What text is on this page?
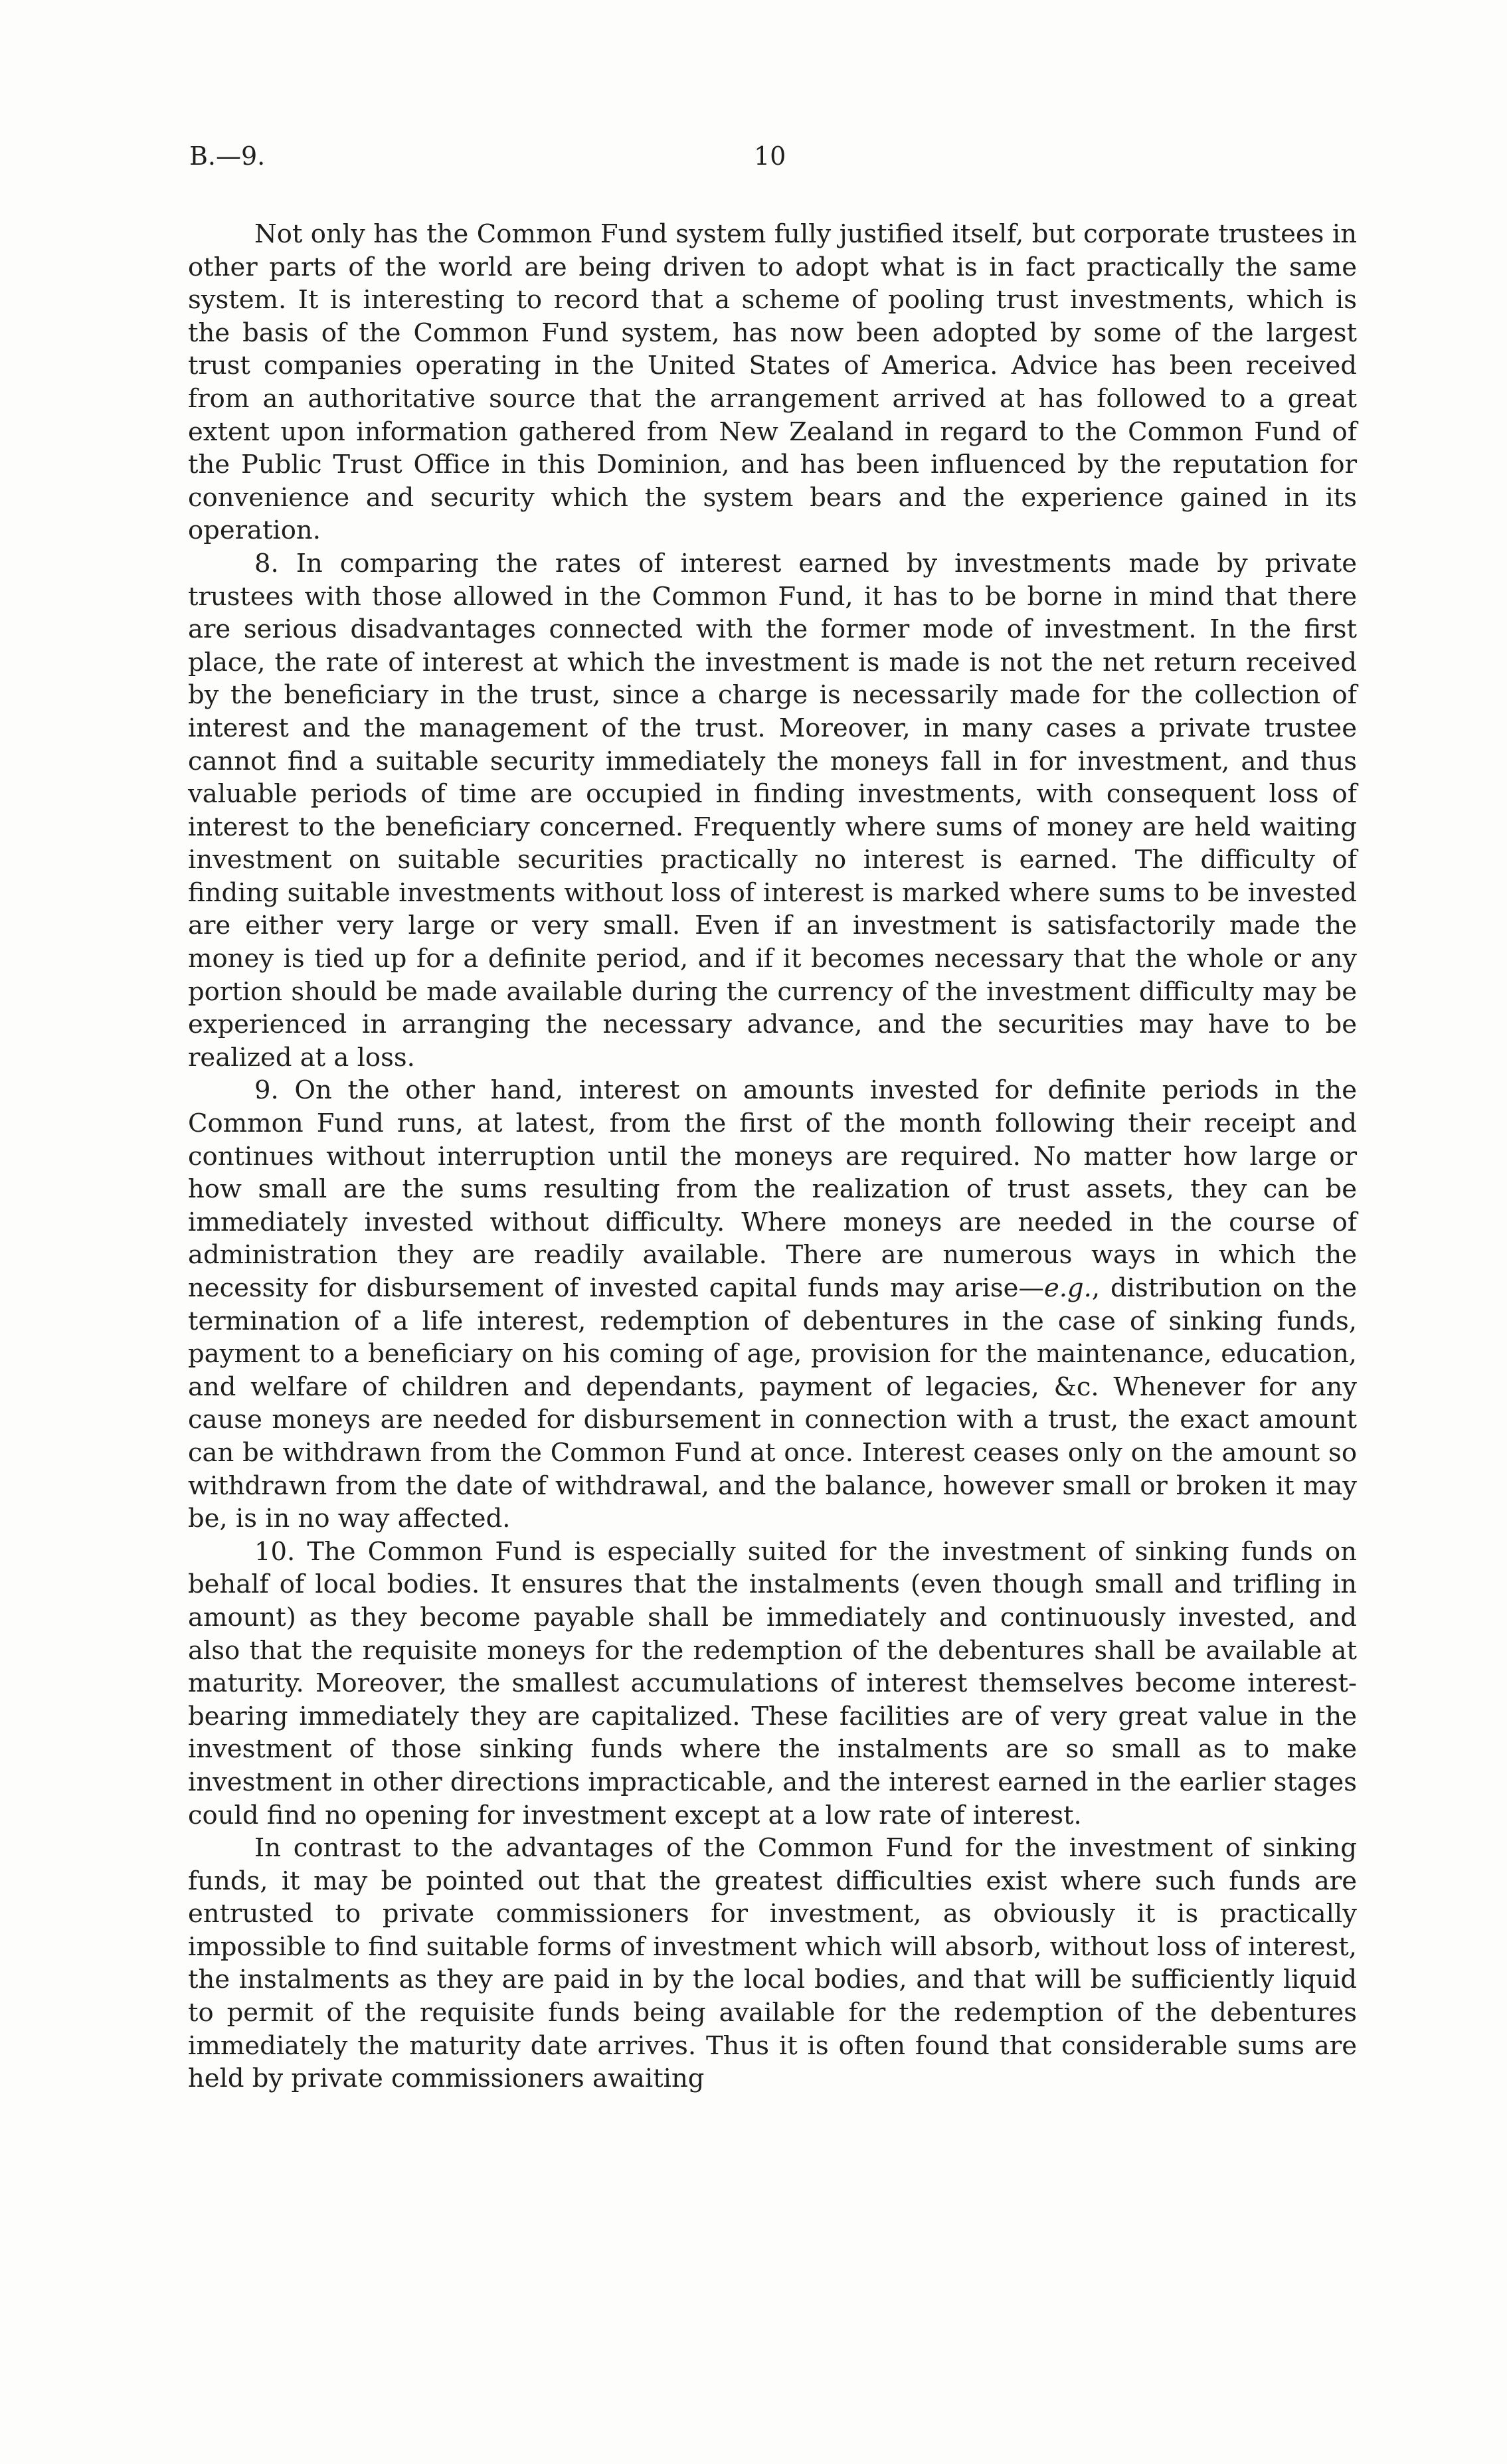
B.—9.	10

Not only has the Common Fund system fully justified itself, but corporate trustees in other parts of the world are being driven to adopt what is in fact practically the same system. It is interesting to record that a scheme of pooling trust investments, which is the basis of the Common Fund system, has now been adopted by some of the largest trust companies operating in the United States of America. Advice has been received from an authoritative source that the arrangement arrived at has followed to a great extent upon information gathered from New Zealand in regard to the Common Fund of the Public Trust Office in this Dominion, and has been influenced by the reputation for convenience and security which the system bears and the experience gained in its operation.

8. In comparing the rates of interest earned by investments made by private trustees with those allowed in the Common Fund, it has to be borne in mind that there are serious disadvantages connected with the former mode of investment. In the first place, the rate of interest at which the investment is made is not the net return received by the beneficiary in the trust, since a charge is necessarily made for the collection of interest and the management of the trust. Moreover, in many cases a private trustee cannot find a suitable security immediately the moneys fall in for investment, and thus valuable periods of time are occupied in finding investments, with consequent loss of interest to the beneficiary concerned. Frequently where sums of money are held waiting investment on suitable securities practically no interest is earned. The difficulty of finding suitable investments without loss of interest is marked where sums to be invested are either very large or very small. Even if an investment is satisfactorily made the money is tied up for a definite period, and if it becomes necessary that the whole or any portion should be made available during the currency of the investment difficulty may be experienced in arranging the necessary advance, and the securities may have to be realized at a loss.

9. On the other hand, interest on amounts invested for definite periods in the Common Fund runs, at latest, from the first of the month following their receipt and continues without interruption until the moneys are required. No matter how large or how small are the sums resulting from the realization of trust assets, they can be immediately invested without difficulty. Where moneys are needed in the course of administration they are readily available. There are numerous ways in which the necessity for disbursement of invested capital funds may arise—e.g., distribution on the termination of a life interest, redemption of debentures in the case of sinking funds, payment to a beneficiary on his coming of age, provision for the maintenance, education, and welfare of children and dependants, payment of legacies, &c. Whenever for any cause moneys are needed for disbursement in connection with a trust, the exact amount can be withdrawn from the Common Fund at once. Interest ceases only on the amount so withdrawn from the date of withdrawal, and the balance, however small or broken it may be, is in no way affected.

10. The Common Fund is especially suited for the investment of sinking funds on behalf of local bodies. It ensures that the instalments (even though small and trifling in amount) as they become payable shall be immediately and continuously invested, and also that the requisite moneys for the redemption of the debentures shall be available at maturity. Moreover, the smallest accumulations of interest themselves become interest-bearing immediately they are capitalized. These facilities are of very great value in the investment of those sinking funds where the instalments are so small as to make investment in other directions impracticable, and the interest earned in the earlier stages could find no opening for investment except at a low rate of interest.

In contrast to the advantages of the Common Fund for the investment of sinking funds, it may be pointed out that the greatest difficulties exist where such funds are entrusted to private commissioners for investment, as obviously it is practically impossible to find suitable forms of investment which will absorb, without loss of interest, the instalments as they are paid in by the local bodies, and that will be sufficiently liquid to permit of the requisite funds being available for the redemption of the debentures immediately the maturity date arrives. Thus it is often found that considerable sums are held by private commissioners awaiting
